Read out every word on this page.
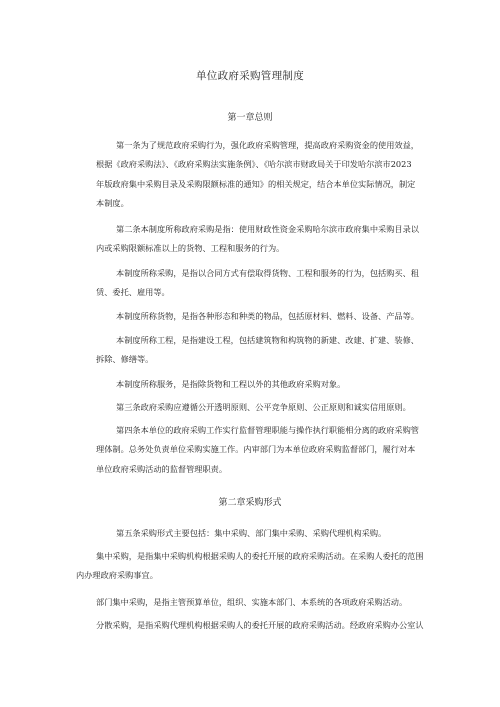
单位政府采购管理制度
第一章总则
第一条为了规范政府采购行为，强化政府采购管理，提高政府采购资金的使用效益，
根据《政府采购法》、《政府采购法实施条例》、《哈尔滨市财政局关于印发哈尔滨市2023
年版政府集中采购目录及采购限额标准的通知》的相关规定，结合本单位实际情况，制定
本制度。
第二条本制度所称政府采购是指：使用财政性资金采购哈尔滨市政府集中采购目录以
内或采购限额标准以上的货物、工程和服务的行为。
本制度所称采购，是指以合同方式有偿取得货物、工程和服务的行为，包括购买、租
赁、委托、雇用等。
本制度所称货物，是指各种形态和种类的物品，包括原材料、燃料、设备、产品等。
本制度所称工程，是指建设工程，包括建筑物和构筑物的新建、改建、扩建、装修、
拆除、修缮等。
本制度所称服务，是指除货物和工程以外的其他政府采购对象。
第三条政府采购应遵循公开透明原则、公平竞争原则、公正原则和诚实信用原则。
第四条本单位的政府采购工作实行监督管理职能与操作执行职能相分离的政府采购管
理体制。总务处负责单位采购实施工作。内审部门为本单位政府采购监督部门，履行对本
单位政府采购活动的监督管理职责。
第二章采购形式
第五条采购形式主要包括：集中采购、部门集中采购、采购代理机构采购。
集中采购，是指集中采购机构根据采购人的委托开展的政府采购活动。在采购人委托的范围
内办理政府采购事宜。
部门集中采购，是指主管预算单位，组织、实施本部门、本系统的各项政府采购活动。
分散采购，是指采购代理机构根据采购人的委托开展的政府采购活动。经政府采购办公室认
